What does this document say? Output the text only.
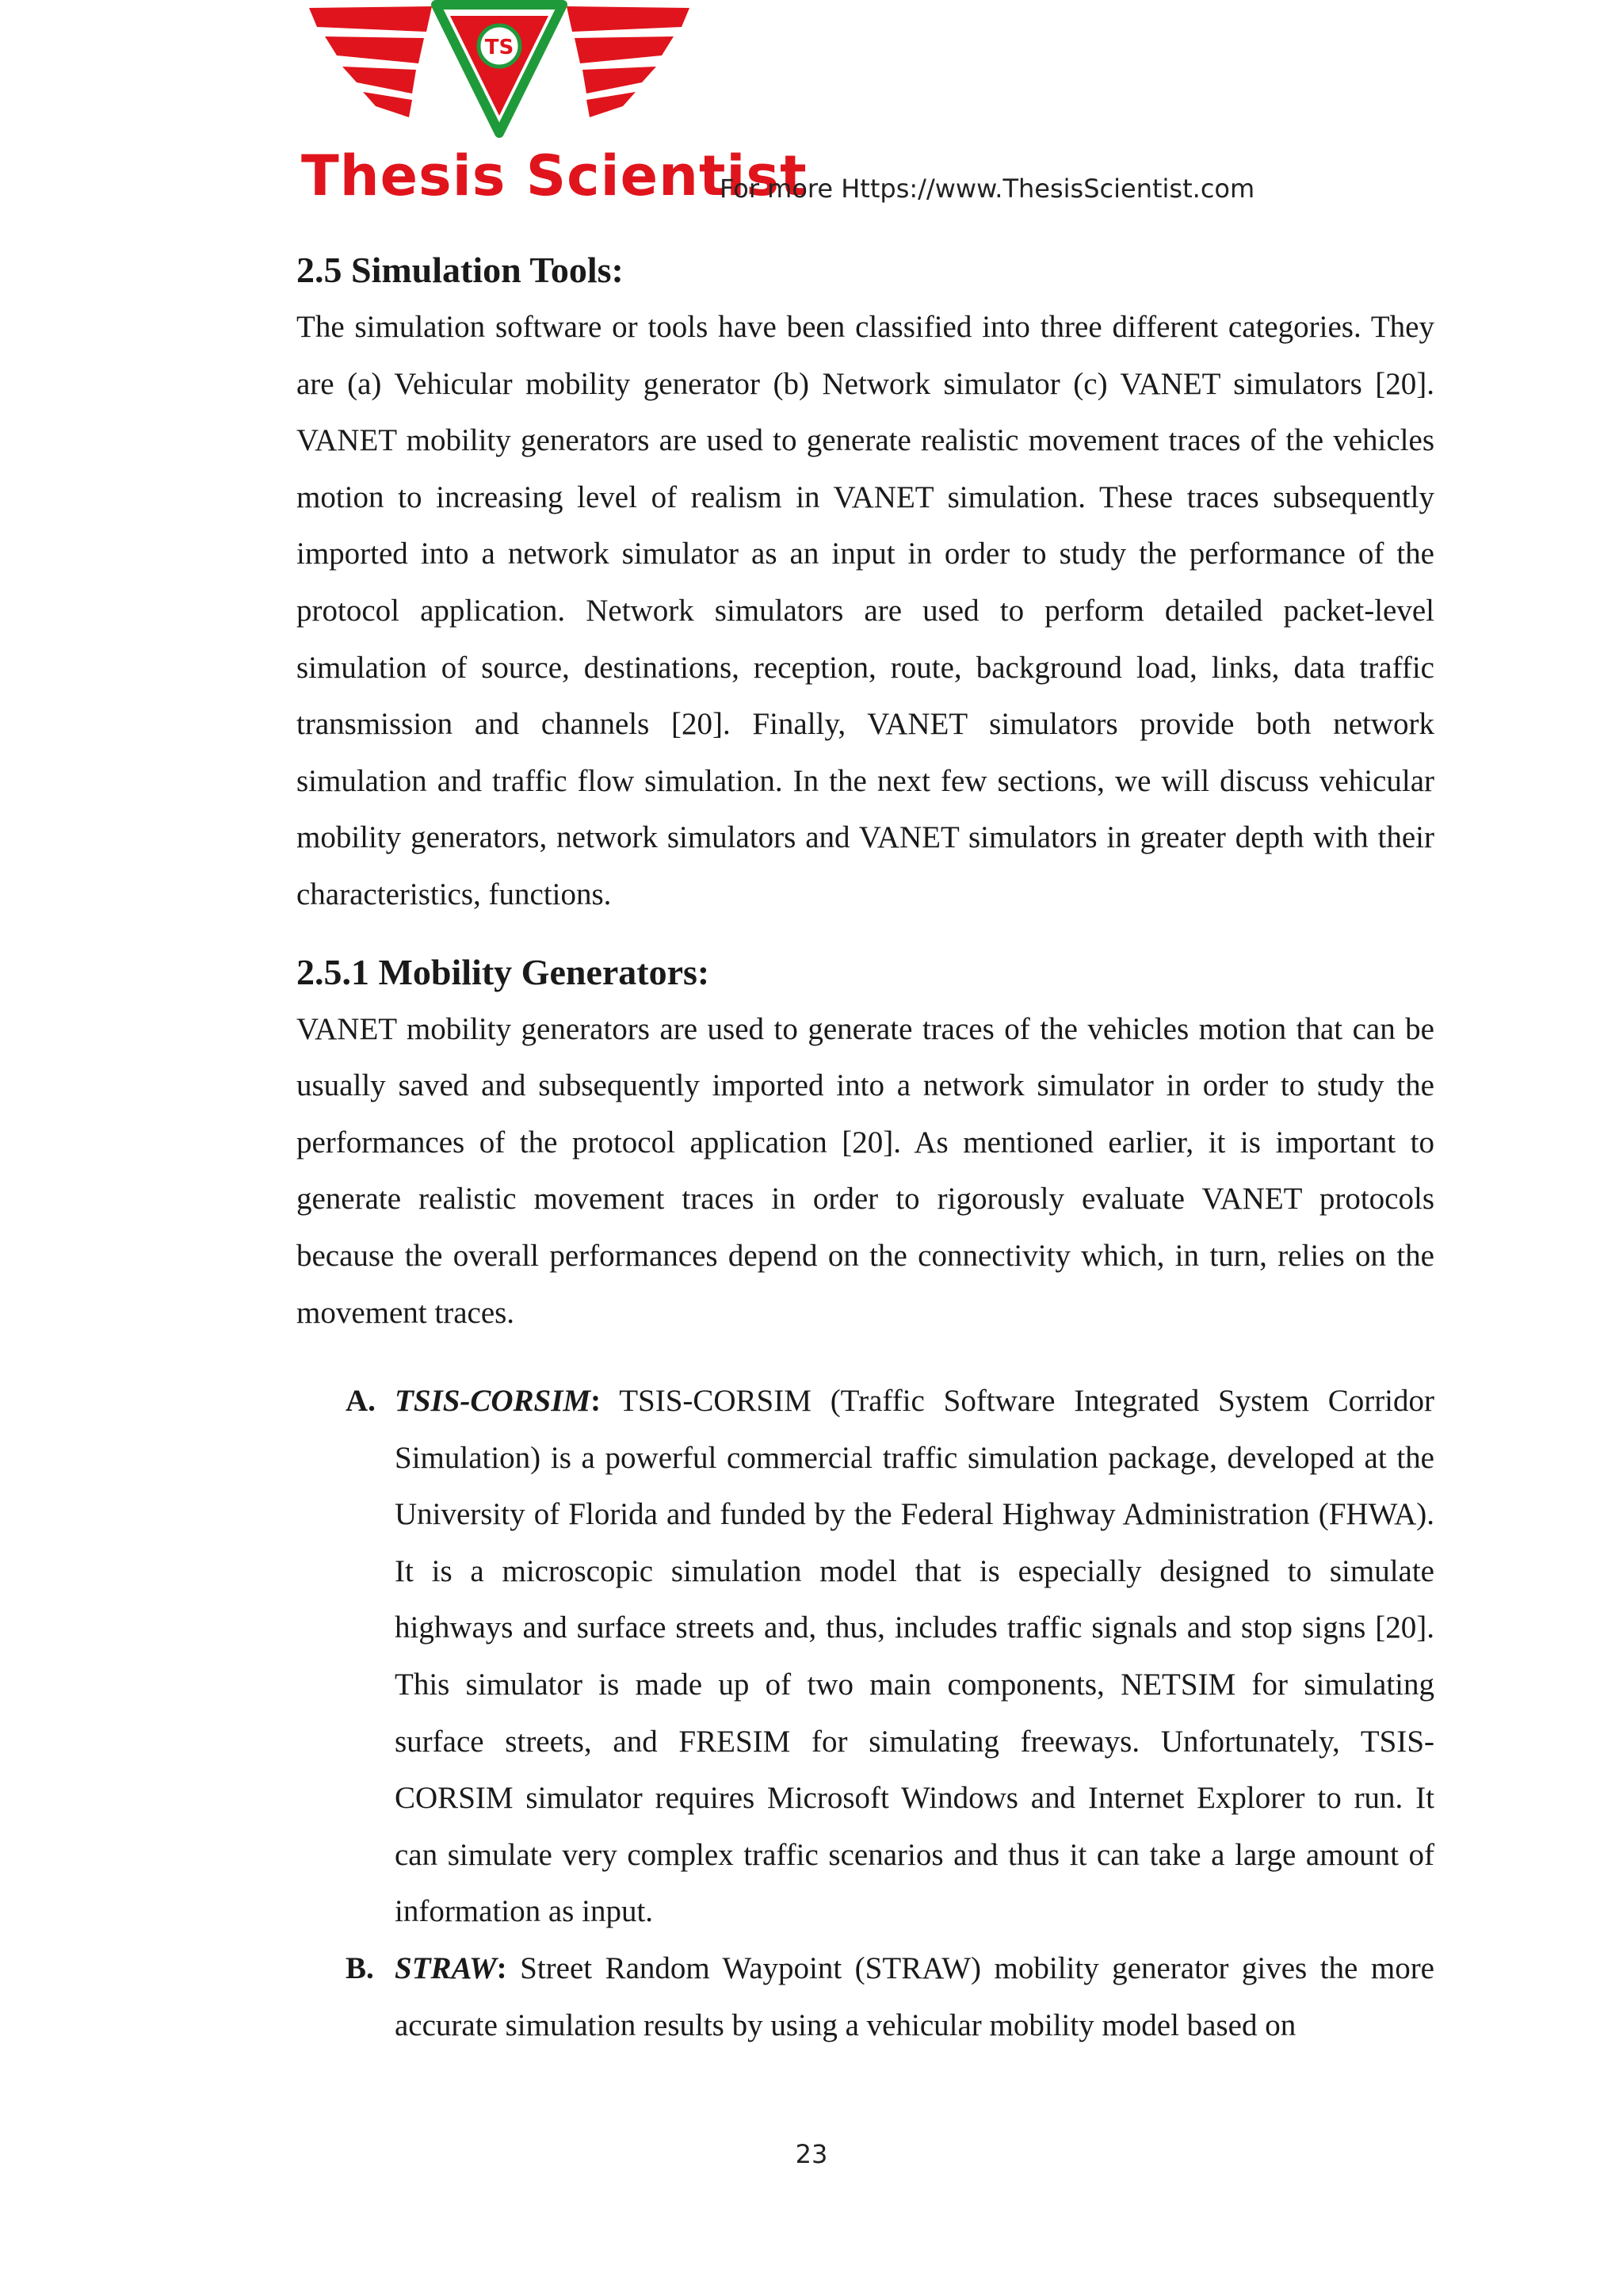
TS
Thesis Scientist
For more Https://www.ThesisScientist.com
2.5 Simulation Tools:

The simulation software or tools have been classified into three different categories. They are (a) Vehicular mobility generator (b) Network simulator (c) VANET simulators [20]. VANET mobility generators are used to generate realistic movement traces of the vehicles motion to increasing level of realism in VANET simulation. These traces subsequently imported into a network simulator as an input in order to study the performance of the protocol application. Network simulators are used to perform detailed packet-level simulation of source, destinations, reception, route, background load, links, data traffic transmission and channels [20]. Finally, VANET simulators provide both network simulation and traffic flow simulation. In the next few sections, we will discuss vehicular mobility generators, network simulators and VANET simulators in greater depth with their characteristics, functions.

2.5.1 Mobility Generators:

VANET mobility generators are used to generate traces of the vehicles motion that can be usually saved and subsequently imported into a network simulator in order to study the performances of the protocol application [20]. As mentioned earlier, it is important to generate realistic movement traces in order to rigorously evaluate VANET protocols because the overall performances depend on the connectivity which, in turn, relies on the movement traces.

A. TSIS-CORSIM: TSIS-CORSIM (Traffic Software Integrated System Corridor Simulation) is a powerful commercial traffic simulation package, developed at the University of Florida and funded by the Federal Highway Administration (FHWA). It is a microscopic simulation model that is especially designed to simulate highways and surface streets and, thus, includes traffic signals and stop signs [20]. This simulator is made up of two main components, NETSIM for simulating surface streets, and FRESIM for simulating freeways. Unfortunately, TSIS-CORSIM simulator requires Microsoft Windows and Internet Explorer to run. It can simulate very complex traffic scenarios and thus it can take a large amount of information as input.
B. STRAW: Street Random Waypoint (STRAW) mobility generator gives the more accurate simulation results by using a vehicular mobility model based on
23
